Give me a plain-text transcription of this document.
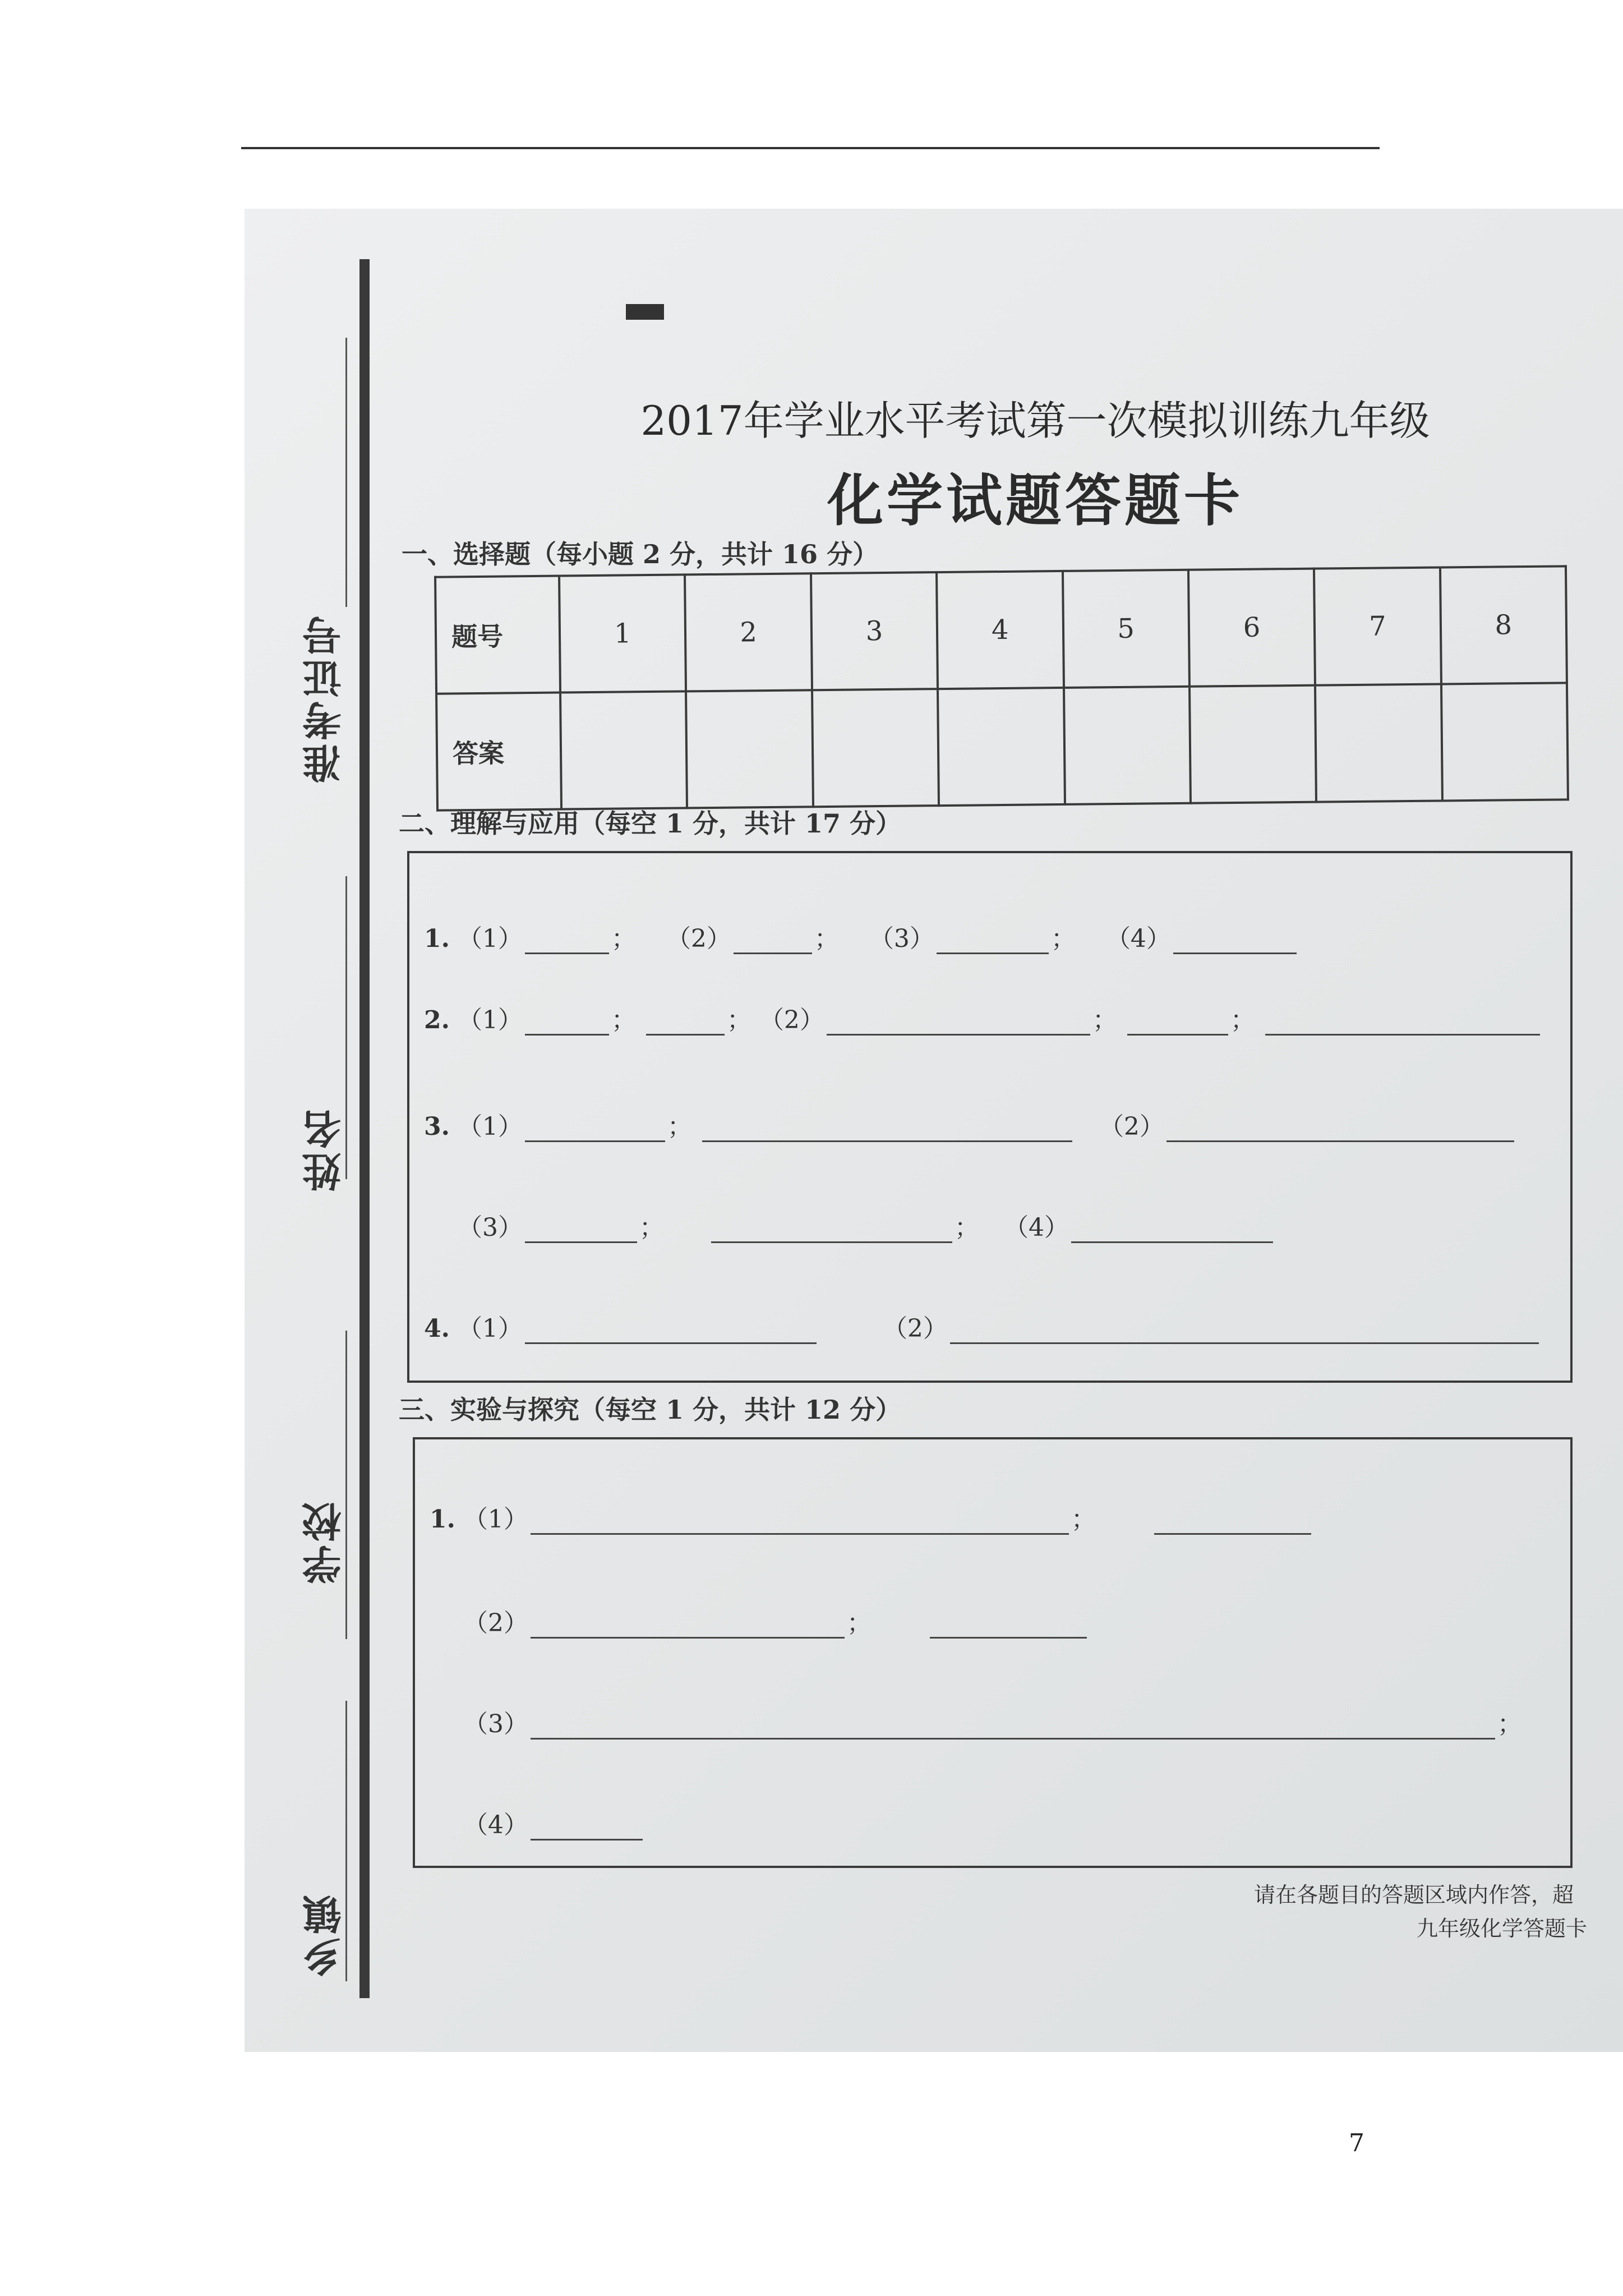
准考证号
姓名
学校
乡镇
2017年学业水平考试第一次模拟训练九年级
化学试题答题卡
一、选择题（每小题 2 分，共计 16 分）
题号	1	2	3	4	5	6	7	8
答案								
二、理解与应用（每空 1 分，共计 17 分）
1. （1）	； （2）	； （3）	； （4）
2. （1）	；	； （2）	；	；
3. （1）	；	（2）
（3）	；	； （4）
4. （1）	（2）
三、实验与探究（每空 1 分，共计 12 分）
1. （1）	；
（2）	；
（3）	；
（4）
请在各题目的答题区域内作答，超
九年级化学答题卡
7
